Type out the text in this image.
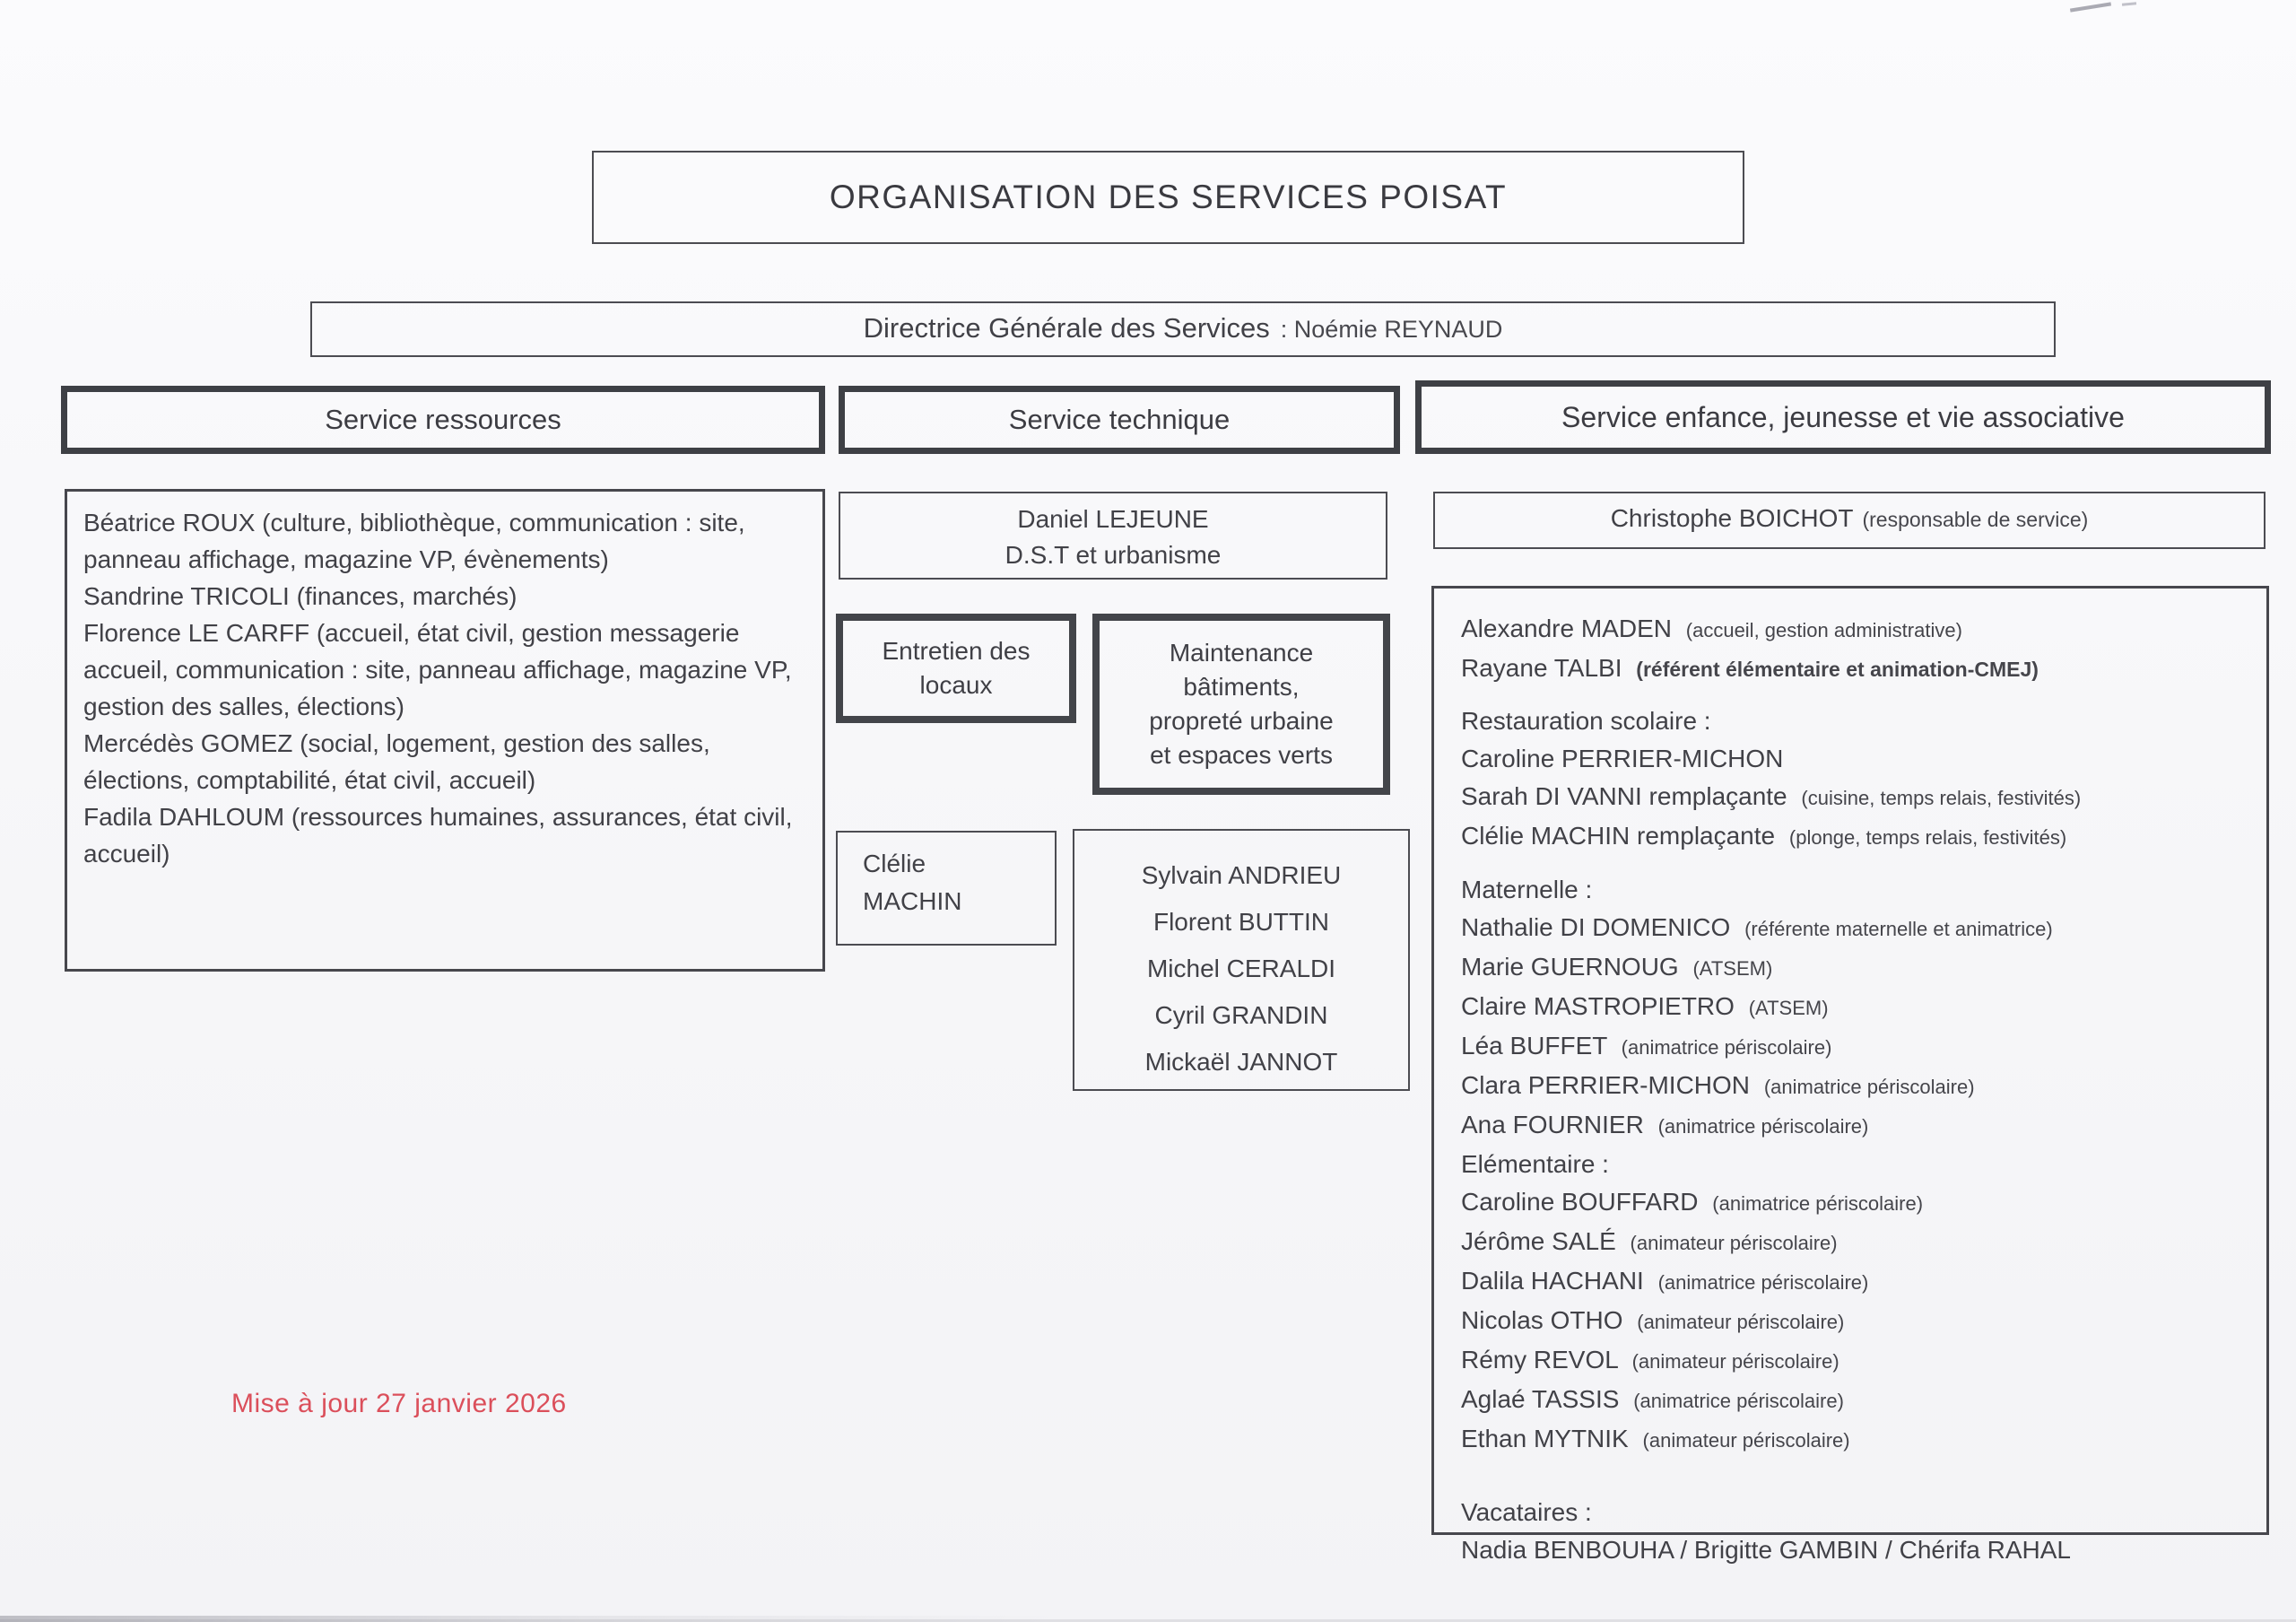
ORGANISATION DES SERVICES POISAT
Directrice Générale des Services : Noémie REYNAUD
Service ressources	Service technique	Service enfance, jeunesse et vie associative
Béatrice ROUX (culture, bibliothèque, communication : site, panneau affichage, magazine VP, évènements)
Sandrine TRICOLI (finances, marchés)
Florence LE CARFF (accueil, état civil, gestion messagerie accueil, communication : site, panneau affichage, magazine VP, gestion des salles, élections)
Mercédès GOMEZ (social, logement, gestion des salles, élections, comptabilité, état civil, accueil)
Fadila DAHLOUM (ressources humaines, assurances, état civil, accueil)
Daniel LEJEUNE
D.S.T et urbanisme
Entretien des locaux
Maintenance bâtiments, propreté urbaine et espaces verts
Clélie MACHIN
Sylvain ANDRIEU
Florent BUTTIN
Michel CERALDI
Cyril GRANDIN
Mickaël JANNOT
Christophe BOICHOT (responsable de service)
Alexandre MADEN (accueil, gestion administrative)
Rayane TALBI (référent élémentaire et animation-CMEJ)
Restauration scolaire :
Caroline PERRIER-MICHON
Sarah DI VANNI remplaçante (cuisine, temps relais, festivités)
Clélie MACHIN remplaçante (plonge, temps relais, festivités)
Maternelle :
Nathalie DI DOMENICO (référente maternelle et animatrice)
Marie GUERNOUG (ATSEM)
Claire MASTROPIETRO (ATSEM)
Léa BUFFET (animatrice périscolaire)
Clara PERRIER-MICHON (animatrice périscolaire)
Ana FOURNIER (animatrice périscolaire)
Elémentaire :
Caroline BOUFFARD (animatrice périscolaire)
Jérôme SALÉ (animateur périscolaire)
Dalila HACHANI (animatrice périscolaire)
Nicolas OTHO (animateur périscolaire)
Rémy REVOL (animateur périscolaire)
Aglaé TASSIS (animatrice périscolaire)
Ethan MYTNIK (animateur périscolaire)
Vacataires :
Nadia BENBOUHA / Brigitte GAMBIN / Chérifa RAHAL
Mise à jour 27 janvier 2026
